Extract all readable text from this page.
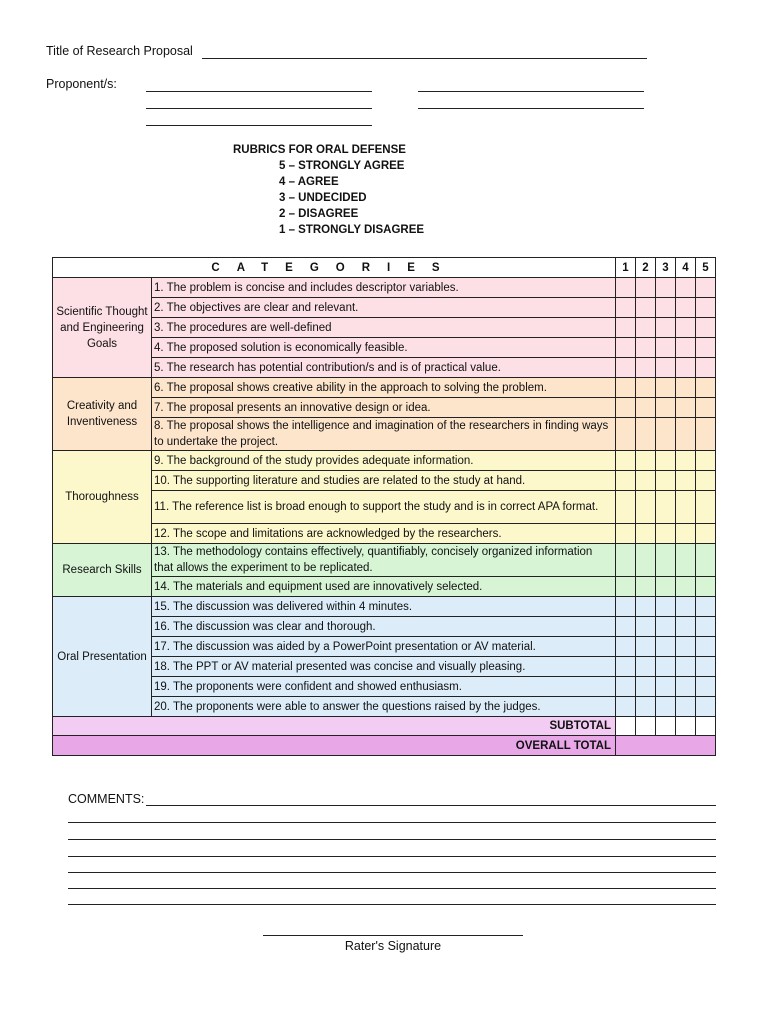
Title of Research Proposal
Proponent/s:
RUBRICS FOR ORAL DEFENSE
5 – STRONGLY AGREE
4 – AGREE
3 – UNDECIDED
2 – DISAGREE
1 – STRONGLY DISAGREE
CATEGORIES		1	2	3	4	5
Scientific Thought and Engineering Goals	1. The problem is concise and includes descriptor variables.					
	2. The objectives are clear and relevant.					
	3. The procedures are well-defined					
	4. The proposed solution is economically feasible.					
	5. The research has potential contribution/s and is of practical value.					
Creativity and Inventiveness	6. The proposal shows creative ability in the approach to solving the problem.					
	7. The proposal presents an innovative design or idea.					
	8. The proposal shows the intelligence and imagination of the researchers in finding ways to undertake the project.					
Thoroughness	9. The background of the study provides adequate information.					
	10. The supporting literature and studies are related to the study at hand.					
	11. The reference list is broad enough to support the study and is in correct APA format.					
	12. The scope and limitations are acknowledged by the researchers.					
Research Skills	13. The methodology contains effectively, quantifiably, concisely organized information that allows the experiment to be replicated.					
	14. The materials and equipment used are innovatively selected.					
Oral Presentation	15. The discussion was delivered within 4 minutes.					
	16. The discussion was clear and thorough.					
	17. The discussion was aided by a PowerPoint presentation or AV material.					
	18. The PPT or AV material presented was concise and visually pleasing.					
	19. The proponents were confident and showed enthusiasm.					
	20. The proponents were able to answer the questions raised by the judges.					
SUBTOTAL						
OVERALL TOTAL						
COMMENTS:
Rater's Signature
